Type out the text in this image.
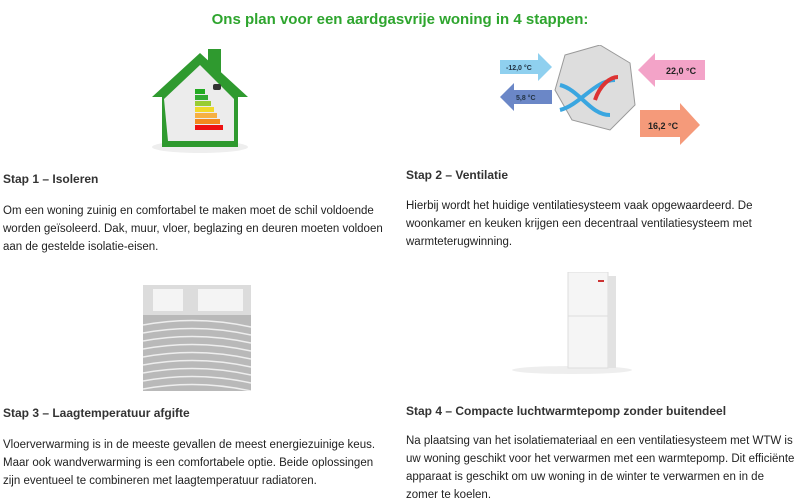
Ons plan voor een aardgasvrije woning in 4 stappen:
-12,0 °C
5,8 °C
22,0 °C
16,2 °C
Stap 1 – Isoleren
Om een woning zuinig en comfortabel te maken moet de schil voldoende worden geïsoleerd. Dak, muur, vloer, beglazing en deuren moeten voldoen aan de gestelde isolatie-eisen.
Stap 2 – Ventilatie
Hierbij wordt het huidige ventilatiesysteem vaak opgewaardeerd. De woonkamer en keuken krijgen een decentraal ventilatiesysteem met warmteterugwinning.
Stap 3 – Laagtemperatuur afgifte
Vloerverwarming is in de meeste gevallen de meest energiezuinige keus. Maar ook wandverwarming is een comfortabele optie. Beide oplossingen zijn eventueel te combineren met laagtemperatuur radiatoren.
Stap 4 – Compacte luchtwarmtepomp zonder buitendeel
Na plaatsing van het isolatiemateriaal en een ventilatiesysteem met WTW is uw woning geschikt voor het verwarmen met een warmtepomp. Dit efficiënte apparaat is geschikt om uw woning in de winter te verwarmen en in de zomer te koelen.
